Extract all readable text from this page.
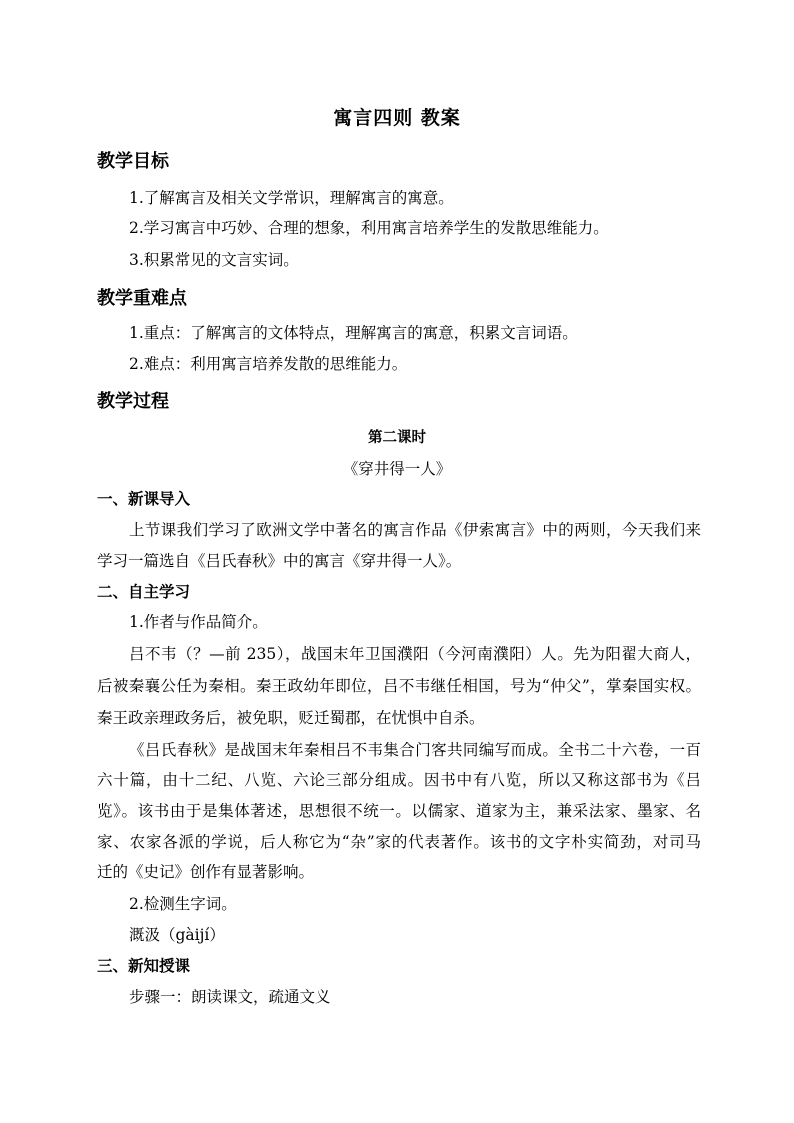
寓言四则 教案
教学目标
1.了解寓言及相关文学常识，理解寓言的寓意。
2.学习寓言中巧妙、合理的想象，利用寓言培养学生的发散思维能力。
3.积累常见的文言实词。
教学重难点
1.重点：了解寓言的文体特点，理解寓言的寓意，积累文言词语。
2.难点：利用寓言培养发散的思维能力。
教学过程
第二课时
《穿井得一人》
一、新课导入
上节课我们学习了欧洲文学中著名的寓言作品《伊索寓言》中的两则，今天我们来
学习一篇选自《吕氏春秋》中的寓言《穿井得一人》。
二、自主学习
1.作者与作品简介。
吕不韦（？—前 235），战国末年卫国濮阳（今河南濮阳）人。先为阳翟大商人，
后被秦襄公任为秦相。秦王政幼年即位，吕不韦继任相国，号为“仲父”，掌秦国实权。
秦王政亲理政务后，被免职，贬迁蜀郡，在忧惧中自杀。
《吕氏春秋》是战国末年秦相吕不韦集合门客共同编写而成。全书二十六卷，一百
六十篇，由十二纪、八览、六论三部分组成。因书中有八览，所以又称这部书为《吕
览》。该书由于是集体著述，思想很不统一。以儒家、道家为主，兼采法家、墨家、名
家、农家各派的学说，后人称它为“杂”家的代表著作。该书的文字朴实简劲，对司马
迁的《史记》创作有显著影响。
2.检测生字词。
溉汲（gàijí）
三、新知授课
步骤一：朗读课文，疏通文义
